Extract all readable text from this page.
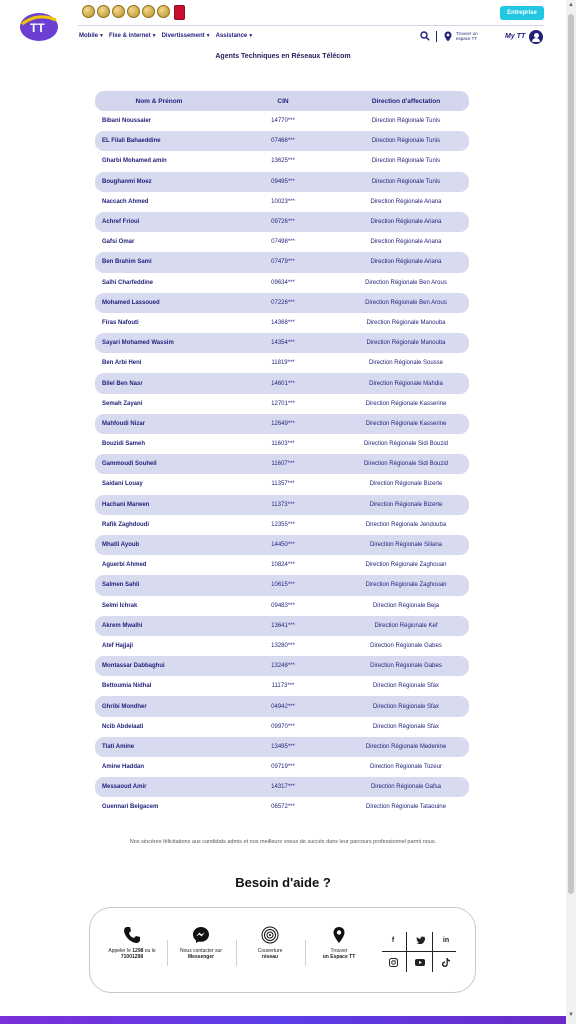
TT
Entreprise
Mobile ▼ Fixe & internet ▼ Divertissement ▼ Assistance ▼	Trouver un espace TT	My TT
▲
▼
Agents Techniques en Réseaux Télécom
Nom & Prénom	CIN	Direction d'affectation
Bibani Noussaier	14770***	Direction Régionale Tunis
EL Filali Bahaeddine	07466***	Direction Régionale Tunis
Gharbi Mohamed amin	13625***	Direction Régionale Tunis
Boughanmi Moez	09495***	Direction Régionale Tunis
Naccach Ahmed	10023***	Direction Régionale Ariana
Achref Frioui	09726***	Direction Régionale Ariana
Gafsi Omar	07498***	Direction Régionale Ariana
Ben Brahim Sami	07479***	Direction Régionale Ariana
Salhi Charfeddine	09634***	Direction Régionale Ben Arous
Mohamed Lassoued	07226***	Direction Régionale Ben Arous
Firas Nafouti	14368***	Direction Régionale Manouba
Sayari Mohamed Wassim	14354***	Direction Régionale Manouba
Ben Arbi Heni	11819***	Direction Régionale Sousse
Bilel Ben Nasr	14601***	Direction Régionale Mahdia
Semah Zayani	12701***	Direction Régionale Kasserine
Mahfoudi Nizar	12649***	Direction Régionale Kasserine
Bouzidi Sameh	11603***	Direction Régionale Sidi Bouzid
Gammoudi Souheil	11607***	Direction Régionale Sidi Bouzid
Saidani Louay	11357***	Direction Régionale Bizerte
Hachani Marwen	11373***	Direction Régionale Bizerte
Rafik Zaghdoudi	12355***	Direction Régionale Jendouba
Mhatli Ayoub	14450***	Direction Régionale Siliana
Aguerbi Ahmed	10824***	Direction Régionale Zaghouan
Salmen Sahli	10615***	Direction Régionale Zaghouan
Selmi Ichrak	09483***	Direction Régionale Beja
Akrem Mwalhi	13641***	Direction Régionale Kef
Atef Hajjaji	13280***	Direction Régionale Gabes
Montassar Dabbaghui	13248***	Direction Régionale Gabes
Bettoumia Nidhal	11173***	Direction Régionale Sfax
Ghribi Mondher	04942***	Direction Régionale Sfax
Ncib Abdelaati	09970***	Direction Régionale Sfax
Tlati Amine	13495***	Direction Régionale Medenine
Amine Haddan	09719***	Direction Régionale Tozeur
Messaoud Amir	14317***	Direction Régionale Gafsa
Guennari Belgacem	06572***	Direction Régionale Tataouine
Nos sincères félicitations aux candidats admis et nos meilleurs voeux de succès dans leur parcours professionnel parmi nous.
Besoin d'aide ?
Appeler le 1298 ou le
71001298
Nous contacter sur
Messenger
Couverture
réseau
Trouver
un Espace TT
f	in
